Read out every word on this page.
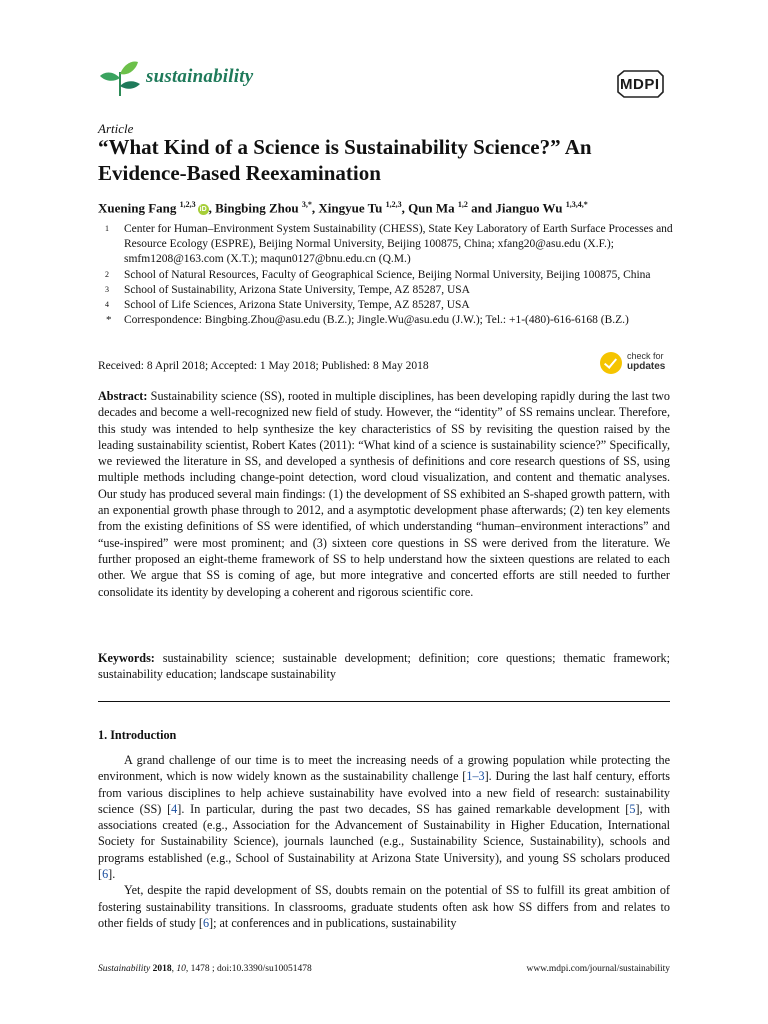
sustainability	MDPI
Article
“What Kind of a Science is Sustainability Science?” An Evidence-Based Reexamination
Xuening Fang $^{1,2,3}$iD , Bingbing Zhou $^{3,*}$, Xingyue Tu $^{1,2,3}$, Qun Ma $^{1,2}$ and Jianguo Wu $^{1,3,4,*}$
1 Center for Human–Environment System Sustainability (CHESS), State Key Laboratory of Earth Surface Processes and Resource Ecology (ESPRE), Beijing Normal University, Beijing 100875, China; xfang20@asu.edu (X.F.); smfm1208@163.com (X.T.); maqun0127@bnu.edu.cn (Q.M.)
2 School of Natural Resources, Faculty of Geographical Science, Beijing Normal University, Beijing 100875, China
3 School of Sustainability, Arizona State University, Tempe, AZ 85287, USA
4 School of Life Sciences, Arizona State University, Tempe, AZ 85287, USA
* Correspondence: Bingbing.Zhou@asu.edu (B.Z.); Jingle.Wu@asu.edu (J.W.); Tel.: +1-(480)-616-6168 (B.Z.)
Received: 8 April 2018; Accepted: 1 May 2018; Published: 8 May 2018
check for
updates
Abstract: Sustainability science (SS), rooted in multiple disciplines, has been developing rapidly during the last two decades and become a well-recognized new field of study. However, the “identity” of SS remains unclear. Therefore, this study was intended to help synthesize the key characteristics of SS by revisiting the question raised by the leading sustainability scientist, Robert Kates (2011): “What kind of a science is sustainability science?” Specifically, we reviewed the literature in SS, and developed a synthesis of definitions and core research questions of SS, using multiple methods including change-point detection, word cloud visualization, and content and thematic analyses. Our study has produced several main findings: (1) the development of SS exhibited an S-shaped growth pattern, with an exponential growth phase through to 2012, and a asymptotic development phase afterwards; (2) ten key elements from the existing definitions of SS were identified, of which understanding “human–environment interactions” and “use-inspired” were most prominent; and (3) sixteen core questions in SS were derived from the literature. We further proposed an eight-theme framework of SS to help understand how the sixteen questions are related to each other. We argue that SS is coming of age, but more integrative and concerted efforts are still needed to further consolidate its identity by developing a coherent and rigorous scientific core.
Keywords: sustainability science; sustainable development; definition; core questions; thematic framework; sustainability education; landscape sustainability
1. Introduction

A grand challenge of our time is to meet the increasing needs of a growing population while protecting the environment, which is now widely known as the sustainability challenge [1–3]. During the last half century, efforts from various disciplines to help achieve sustainability have evolved into a new field of research: sustainability science (SS) [4]. In particular, during the past two decades, SS has gained remarkable development [5], with associations created (e.g., Association for the Advancement of Sustainability in Higher Education, International Society for Sustainability Science), journals launched (e.g., Sustainability Science, Sustainability), schools and programs established (e.g., School of Sustainability at Arizona State University), and young SS scholars produced [6].

Yet, despite the rapid development of SS, doubts remain on the potential of SS to fulfill its great ambition of fostering sustainability transitions. In classrooms, graduate students often ask how SS differs from and relates to other fields of study [6]; at conferences and in publications, sustainability

Sustainability 2018, 10, 1478 ; doi:10.3390/su10051478	www.mdpi.com/journal/sustainability
